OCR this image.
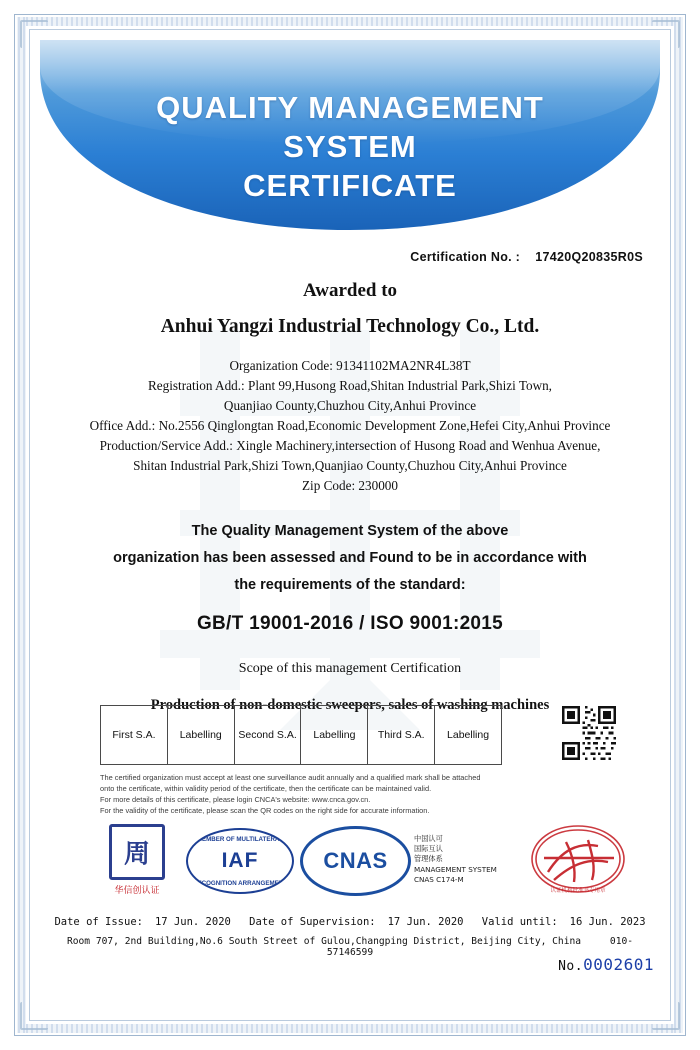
QUALITY MANAGEMENT
SYSTEM
CERTIFICATE
Certification No. : 17420Q20835R0S
Awarded to
Anhui Yangzi Industrial Technology Co., Ltd.
Organization Code: 91341102MA2NR4L38T
Registration Add.: Plant 99,Husong Road,Shitan Industrial Park,Shizi Town,
Quanjiao County,Chuzhou City,Anhui Province
Office Add.: No.2556 Qinglongtan Road,Economic Development Zone,Hefei City,Anhui Province
Production/Service Add.: Xingle Machinery,intersection of Husong Road and Wenhua Avenue,
Shitan Industrial Park,Shizi Town,Quanjiao County,Chuzhou City,Anhui Province
Zip Code: 230000
The Quality Management System of the above
organization has been assessed and Found to be in accordance with
the requirements of the standard:
GB/T 19001-2016 / ISO 9001:2015
Scope of this management Certification
Production of non-domestic sweepers, sales of washing machines
First S.A.	Labelling	Second S.A.	Labelling	Third S.A.	Labelling
The certified organization must accept at least one surveillance audit annually and a qualified mark shall be attached
onto the certificate, within validity period of the certificate, then the certificate can be maintained valid.
For more details of this certificate, please login CNCA's website: www.cnca.gov.cn.
For the validity of the certificate, please scan the QR codes on the right side for accurate information.
周
华信创认证
MEMBER OF MULTILATERAL
IAF
RECOGNITION ARRANGEMENT
CNAS
中国认可
国际互认
管理体系
MANAGEMENT SYSTEM
CNAS C174-M
认证机构批准书专用章
Date of Issue: 17 Jun. 2020 Date of Supervision: 17 Jun. 2020 Valid until: 16 Jun. 2023
Room 707, 2nd Building,No.6 South Street of Gulou,Changping District, Beijing City, China	010-57146599
No.0002601
